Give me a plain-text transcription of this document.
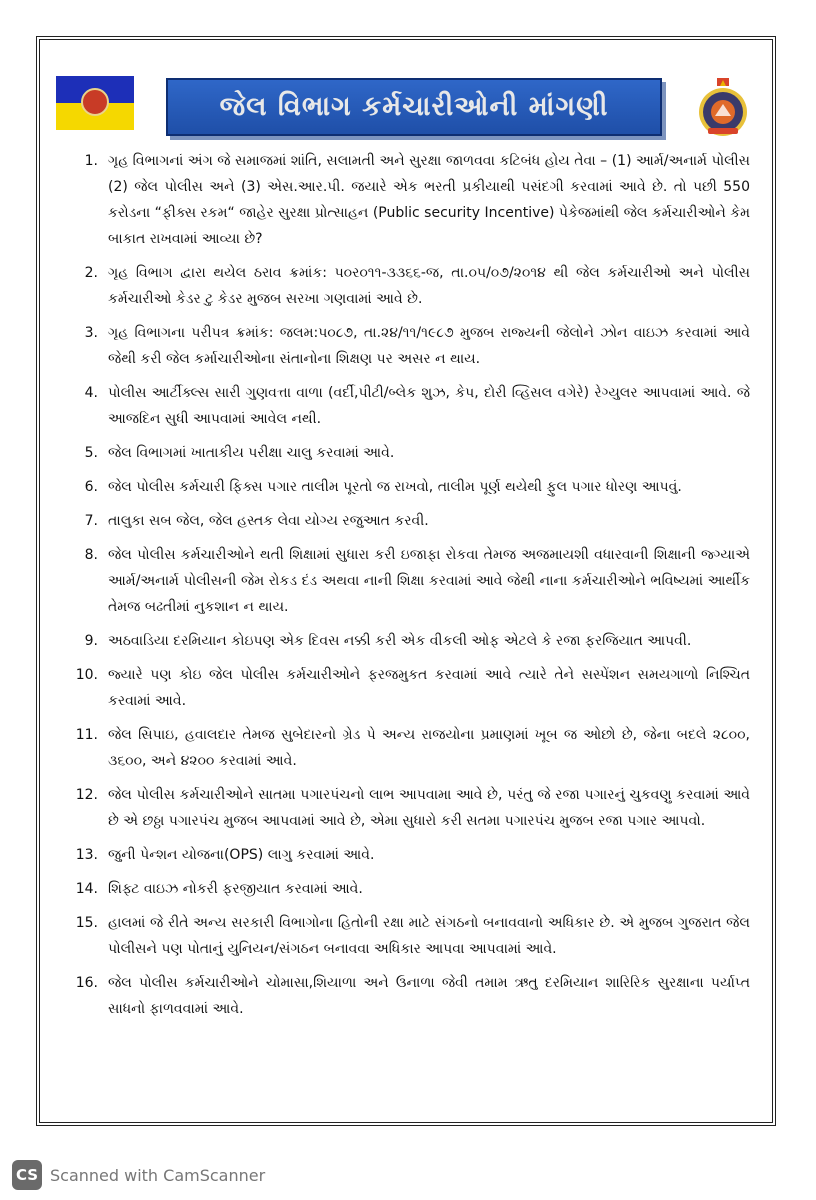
જેલ વિભાગ કર્મચારીઓની માંગણી
1. ગૃહ વિભાગનાં અંગ જે સમાજમાં શાંતિ, સલામતી અને સુરક્ષા જાળવવા કટિબંધ હોય તેવા – (1) આર્મ/અનાર્મ પોલીસ (2) જેલ પોલીસ અને (3) એસ.આર.પી. જયારે એક ભરતી પ્રકીયાથી પસંદગી કરવામાં આવે છે. તો પછી 550 કરોડના “ફીક્સ રકમ“ જાહેર સુરક્ષા પ્રોત્સાહન (Public security Incentive) પેકેજમાંથી જેલ કર્મચારીઓને કેમ બાકાત રાખવામાં આવ્યા છે?
2. ગૃહ વિભાગ દ્વારા થયેલ ઠરાવ ક્રમાંક: પ૦ર૦૧૧-૩૩૬૬-જ, તા.૦૫/૦૭/૨૦૧૪ થી જેલ કર્મચારીઓ અને પોલીસ કર્મચારીઓ કેડર ટુ કેડર મુજબ સરખા ગણવામાં આવે છે.
3. ગૃહ વિભાગના પરીપત્ર ક્રમાંક: જલમ:પ૦૮૭, તા.૨૪/૧૧/૧૯૮૭ મુજબ રાજ્યની જેલોને ઝોન વાઇઝ કરવામાં આવે જેથી કરી જેલ કર્માચારીઓના સંતાનોના શિક્ષણ પર અસર ન થાય.
4. પોલીસ આર્ટીક્લ્સ સારી ગુણવત્તા વાળા (વર્દી,પીટી/બ્લેક શુઝ, કેપ, દોરી વ્હિસલ વગેરે) રેગ્યુલર આપવામાં આવે. જે આજદિન સુધી આપવામાં આવેલ નથી.
5. જેલ વિભાગમાં ખાતાકીય પરીક્ષા ચાલુ કરવામાં આવે.
6. જેલ પોલીસ કર્મચારી ફિક્સ પગાર તાલીમ પૂરતો જ રાખવો, તાલીમ પૂર્ણ થયેથી ફુલ પગાર ધોરણ આપવું.
7. તાલુકા સબ જેલ, જેલ હસ્તક લેવા યોગ્ય રજુઆત કરવી.
8. જેલ પોલીસ કર્મચારીઓને થતી શિક્ષામાં સુધારા કરી ઇજાફા રોકવા તેમજ અજમાયશી વધારવાની શિક્ષાની જ્ગ્યાએ આર્મ/અનાર્મ પોલીસની જેમ રોકડ દંડ અથવા નાની શિક્ષા કરવામાં આવે જેથી નાના કર્મચારીઓને ભવિષ્યમાં આર્થીક તેમજ બઢતીમાં નુકશાન ન થાય.
9. અઠવાડિયા દરમિયાન કોઇપણ એક દિવસ નક્કી કરી એક વીકલી ઓફ એટલે કે રજા ફરજિયાત આપવી.
10. જ્યારે પણ કોઇ જેલ પોલીસ કર્મચારીઓને ફરજમુકત કરવામાં આવે ત્યારે તેને સસ્પેંશન સમયગાળો નિશ્ચિત કરવામાં આવે.
11. જેલ સિપાઇ, હવાલદાર તેમજ સુબેદારનો ગ્રેડ પે અન્ય રાજયોના પ્રમાણમાં ખૂબ જ ઓછો છે, જેના બદલે ૨૮૦૦, ૩૬૦૦, અને ૪૨૦૦ કરવામાં આવે.
12. જેલ પોલીસ કર્મચારીઓને સાતમા પગારપંચનો લાભ આપવામા આવે છે, પરંતુ જે રજા પગારનું ચુકવણુ કરવામાં આવે છે એ છઠ્ઠા પગારપંચ મુજબ આપવામાં આવે છે, એમા સુધારો કરી સતમા પગારપંચ મુજબ રજા પગાર આપવો.
13. જુની પેન્શન યોજના(OPS) લાગુ કરવામાં આવે.
14. શિફ્ટ વાઇઝ નોકરી ફરજીયાત કરવામાં આવે.
15. હાલમાં જે રીતે અન્ય સરકારી વિભાગોના હિતોની રક્ષા માટે સંગઠનો બનાવવાનો અધિકાર છે. એ મુજબ ગુજરાત જેલ પોલીસને પણ પોતાનું યુનિયન/સંગઠન બનાવવા અધિકાર આપવા આપવામાં આવે.
16. જેલ પોલીસ કર્મચારીઓને ચોમાસા,શિયાળા અને ઉનાળા જેવી તમામ ઋતુ દરમિયાન શારિરિક સુરક્ષાના પર્યાપ્ત સાધનો ફાળવવામાં આવે.
CS Scanned with CamScanner
